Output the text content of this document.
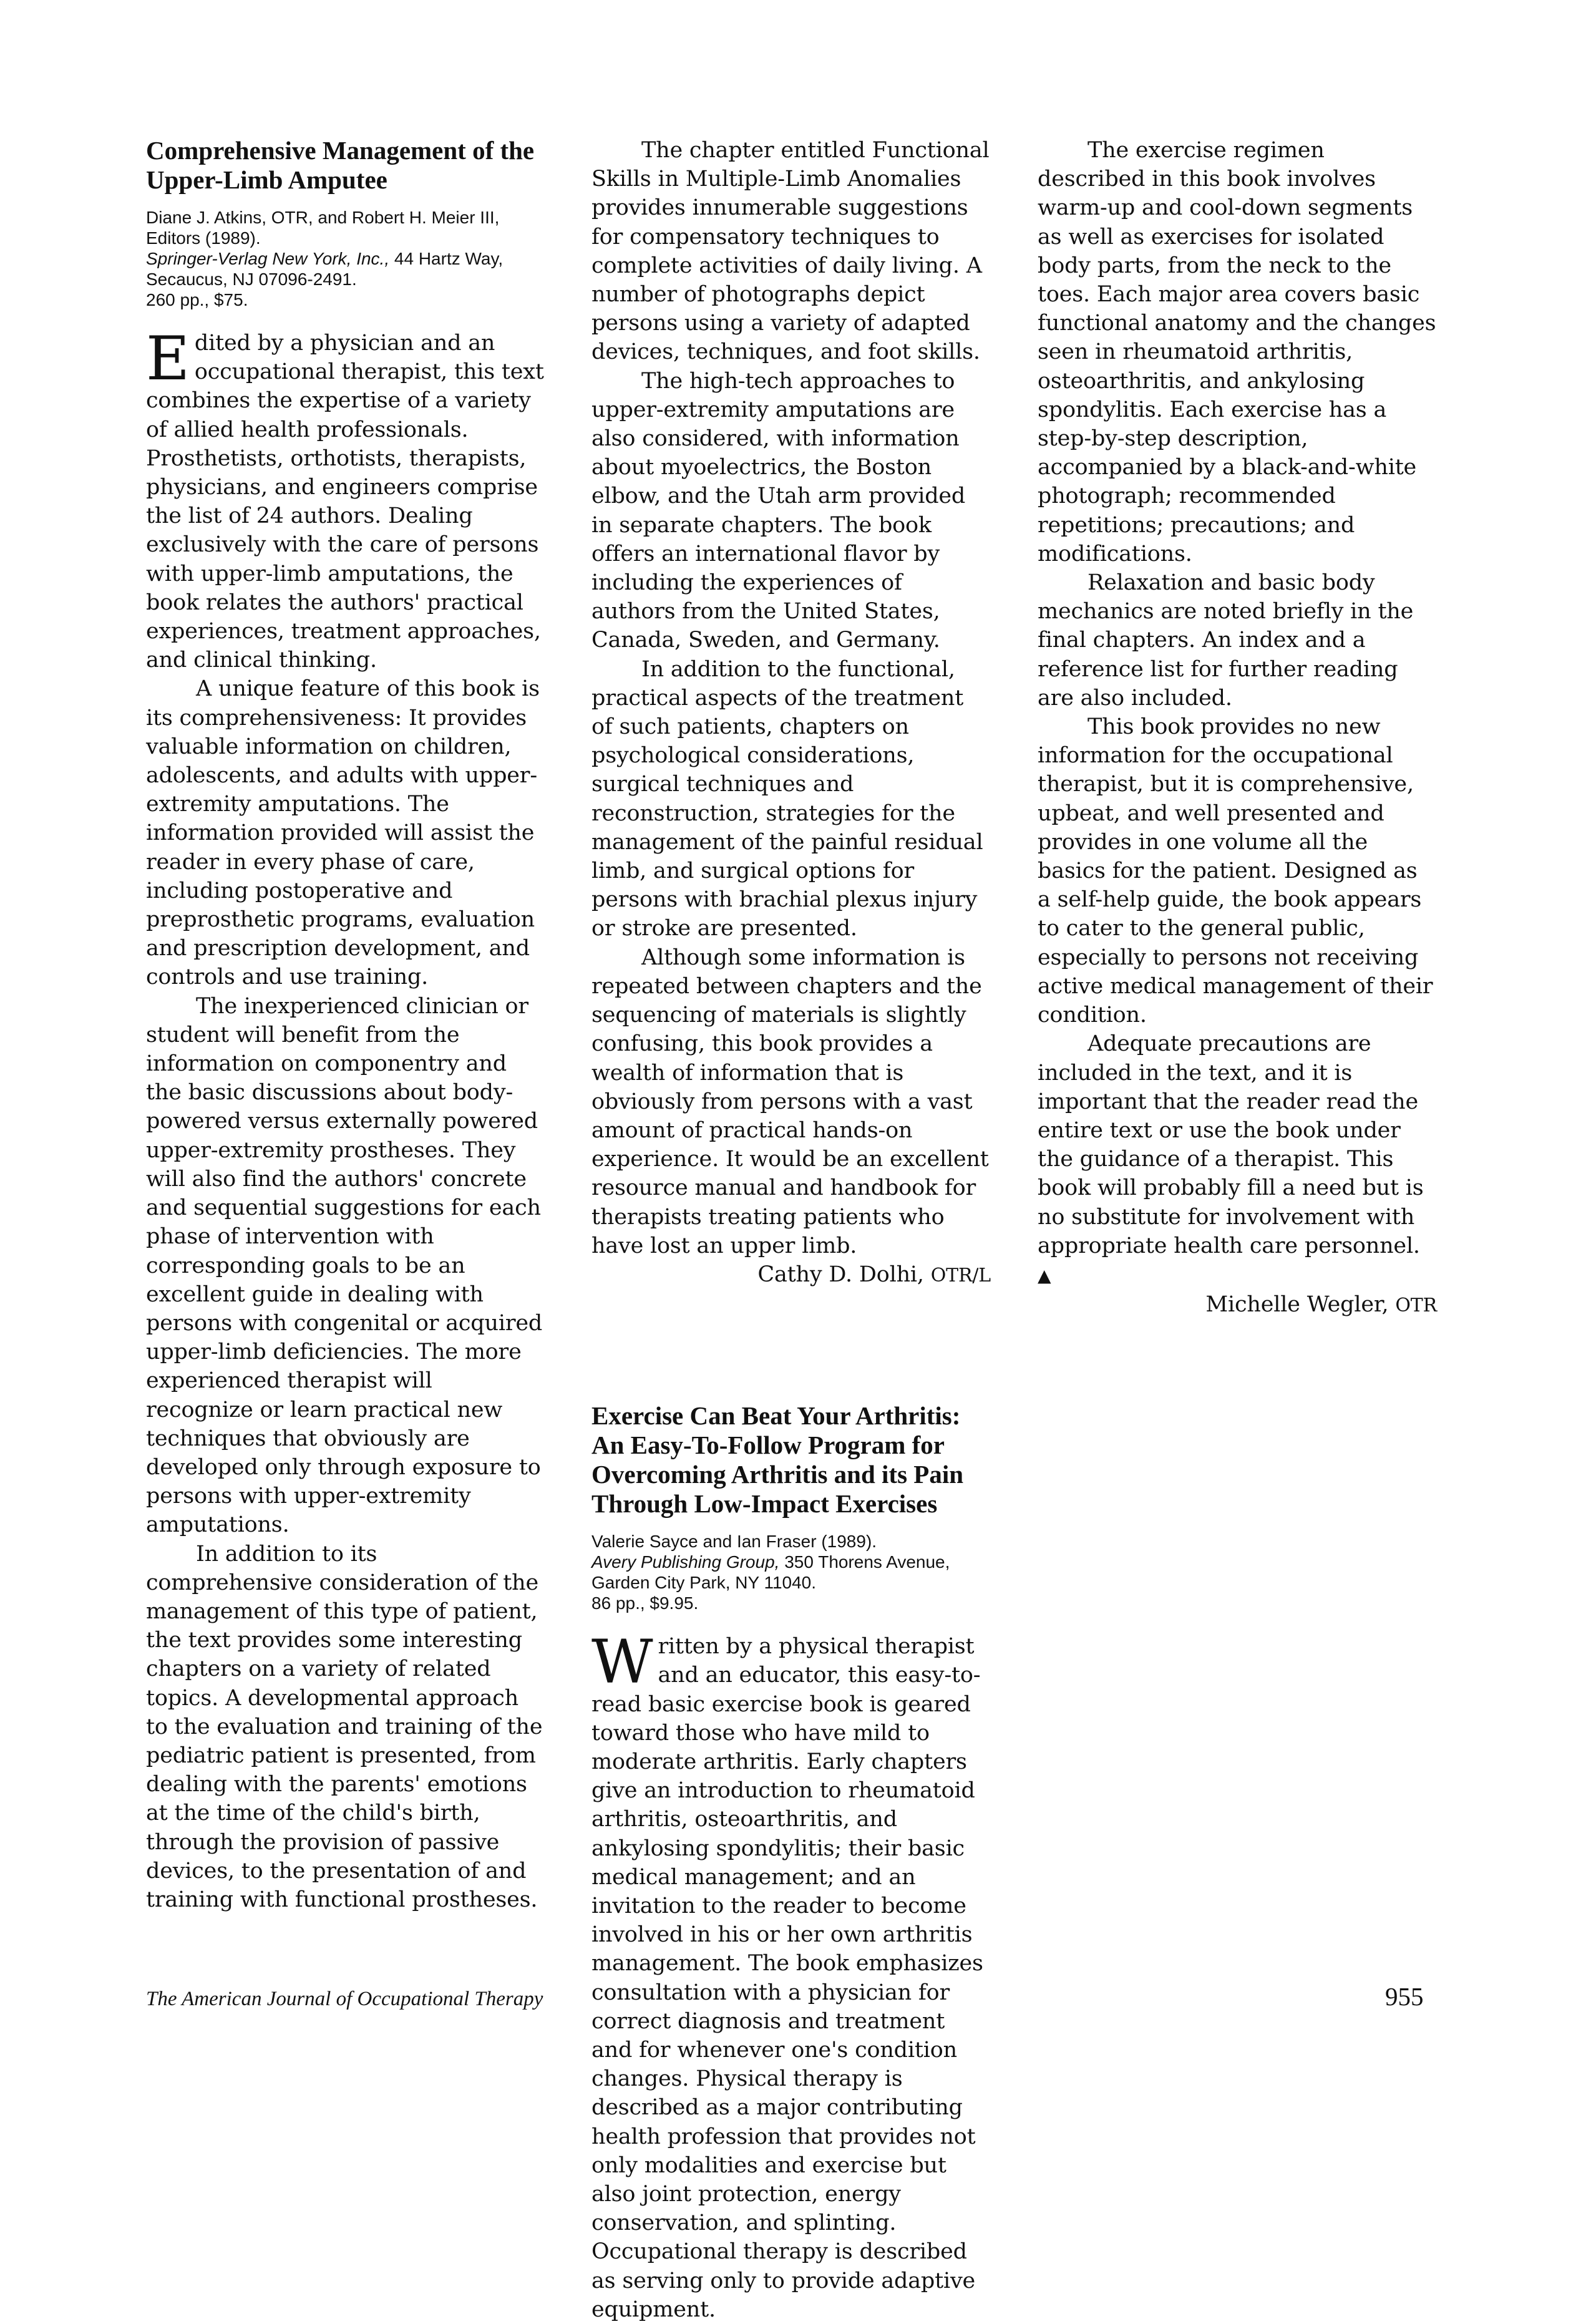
Comprehensive Management of the Upper-Limb Amputee
Diane J. Atkins, OTR, and Robert H. Meier III, Editors (1989).
Springer-Verlag New York, Inc., 44 Hartz Way, Secaucus, NJ 07096-2491.
260 pp., $75.

Edited by a physician and an occupational therapist, this text combines the expertise of a variety of allied health professionals. Prosthetists, orthotists, therapists, physicians, and engineers comprise the list of 24 authors. Dealing exclusively with the care of persons with upper-limb amputations, the book relates the authors' practical experiences, treatment approaches, and clinical thinking.

A unique feature of this book is its comprehensiveness: It provides valuable information on children, adolescents, and adults with upper-extremity amputations. The information provided will assist the reader in every phase of care, including postoperative and preprosthetic programs, evaluation and prescription development, and controls and use training.

The inexperienced clinician or student will benefit from the information on componentry and the basic discussions about body-powered versus externally powered upper-extremity prostheses. They will also find the authors' concrete and sequential suggestions for each phase of intervention with corresponding goals to be an excellent guide in dealing with persons with congenital or acquired upper-limb deficiencies. The more experienced therapist will recognize or learn practical new techniques that obviously are developed only through exposure to persons with upper-extremity amputations.

In addition to its comprehensive consideration of the management of this type of patient, the text provides some interesting chapters on a variety of related topics. A developmental approach to the evaluation and training of the pediatric patient is presented, from dealing with the parents' emotions at the time of the child's birth, through the provision of passive devices, to the presentation of and training with functional prostheses.

The chapter entitled Functional Skills in Multiple-Limb Anomalies provides innumerable suggestions for compensatory techniques to complete activities of daily living. A number of photographs depict persons using a variety of adapted devices, techniques, and foot skills.

The high-tech approaches to upper-extremity amputations are also considered, with information about myoelectrics, the Boston elbow, and the Utah arm provided in separate chapters. The book offers an international flavor by including the experiences of authors from the United States, Canada, Sweden, and Germany.

In addition to the functional, practical aspects of the treatment of such patients, chapters on psychological considerations, surgical techniques and reconstruction, strategies for the management of the painful residual limb, and surgical options for persons with brachial plexus injury or stroke are presented.

Although some information is repeated between chapters and the sequencing of materials is slightly confusing, this book provides a wealth of information that is obviously from persons with a vast amount of practical hands-on experience. It would be an excellent resource manual and handbook for therapists treating patients who have lost an upper limb.

Cathy D. Dolhi, OTR/L

Exercise Can Beat Your Arthritis: An Easy-To-Follow Program for Overcoming Arthritis and its Pain Through Low-Impact Exercises
Valerie Sayce and Ian Fraser (1989).
Avery Publishing Group, 350 Thorens Avenue, Garden City Park, NY 11040.
86 pp., $9.95.

Written by a physical therapist and an educator, this easy-to-read basic exercise book is geared toward those who have mild to moderate arthritis. Early chapters give an introduction to rheumatoid arthritis, osteoarthritis, and ankylosing spondylitis; their basic medical management; and an invitation to the reader to become involved in his or her own arthritis management. The book emphasizes consultation with a physician for correct diagnosis and treatment and for whenever one's condition changes. Physical therapy is described as a major contributing health profession that provides not only modalities and exercise but also joint protection, energy conservation, and splinting. Occupational therapy is described as serving only to provide adaptive equipment.

The exercise regimen described in this book involves warm-up and cool-down segments as well as exercises for isolated body parts, from the neck to the toes. Each major area covers basic functional anatomy and the changes seen in rheumatoid arthritis, osteoarthritis, and ankylosing spondylitis. Each exercise has a step-by-step description, accompanied by a black-and-white photograph; recommended repetitions; precautions; and modifications.

Relaxation and basic body mechanics are noted briefly in the final chapters. An index and a reference list for further reading are also included.

This book provides no new information for the occupational therapist, but it is comprehensive, upbeat, and well presented and provides in one volume all the basics for the patient. Designed as a self-help guide, the book appears to cater to the general public, especially to persons not receiving active medical management of their condition.

Adequate precautions are included in the text, and it is important that the reader read the entire text or use the book under the guidance of a therapist. This book will probably fill a need but is no substitute for involvement with appropriate health care personnel. ▲

Michelle Wegler, OTR

The American Journal of Occupational Therapy	955
